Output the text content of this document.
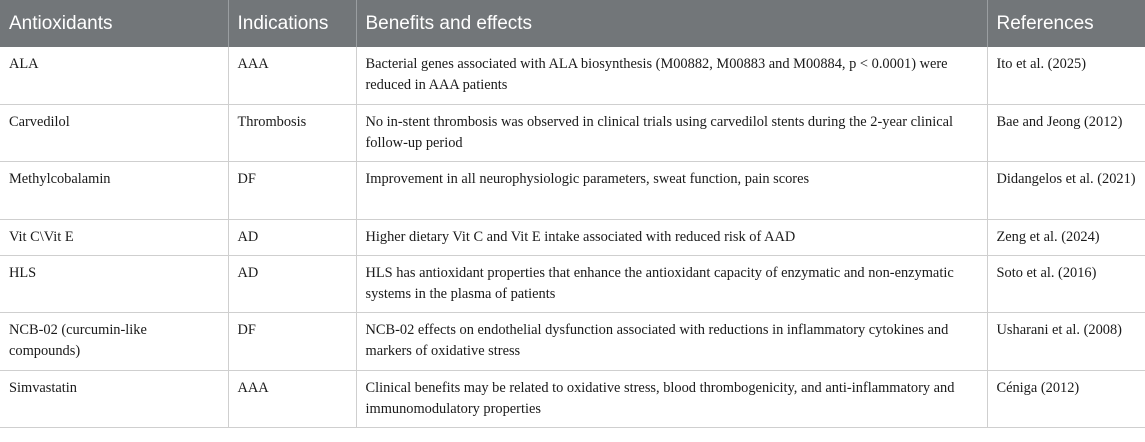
Antioxidants	Indications	Benefits and effects	References
ALA	AAA	Bacterial genes associated with ALA biosynthesis (M00882, M00883 and M00884, p < 0.0001) were reduced in AAA patients	Ito et al. (2025)
Carvedilol	Thrombosis	No in-stent thrombosis was observed in clinical trials using carvedilol stents during the 2-year clinical follow-up period	Bae and Jeong (2012)
Methylcobalamin	DF	Improvement in all neurophysiologic parameters, sweat function, pain scores	Didangelos et al. (2021)
Vit C\Vit E	AD	Higher dietary Vit C and Vit E intake associated with reduced risk of AAD	Zeng et al. (2024)
HLS	AD	HLS has antioxidant properties that enhance the antioxidant capacity of enzymatic and non-enzymatic systems in the plasma of patients	Soto et al. (2016)
NCB-02 (curcumin-like compounds)	DF	NCB-02 effects on endothelial dysfunction associated with reductions in inflammatory cytokines and markers of oxidative stress	Usharani et al. (2008)
Simvastatin	AAA	Clinical benefits may be related to oxidative stress, blood thrombogenicity, and anti-inflammatory and immunomodulatory properties	Céniga (2012)
